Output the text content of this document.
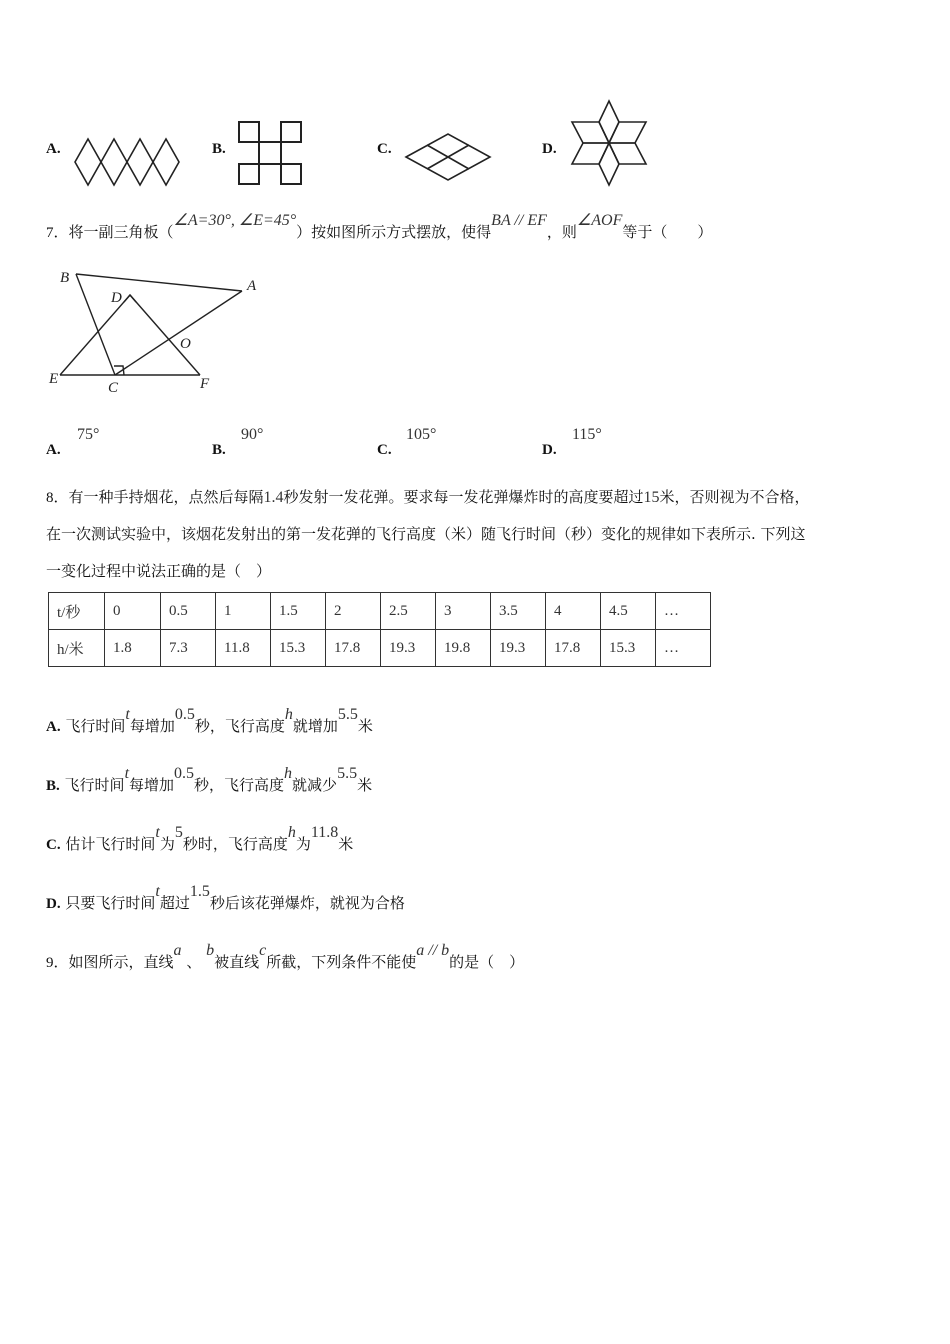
A.	B.	C.	D.
7．将一副三角板（∠A=30°, ∠E=45°）按如图所示方式摆放，使得BA // EF，则∠AOF等于（　　）
B	A
D
O
E
C	F
A.
75°
B.
90°
C.
105°
D.
115°
8．有一种手持烟花，点然后每隔1.4秒发射一发花弹。要求每一发花弹爆炸时的高度要超过15米，否则视为不合格，
在一次测试实验中，该烟花发射出的第一发花弹的飞行高度（米）随飞行时间（秒）变化的规律如下表所示. 下列这
一变化过程中说法正确的是（　）
t/秒	0	0.5	1	1.5	2	2.5	3	3.5	4	4.5	…
h/米	1.8	7.3	11.8	15.3	17.8	19.3	19.8	19.3	17.8	15.3	…
A. 飞行时间t每增加0.5秒，飞行高度h就增加5.5米
B. 飞行时间t每增加0.5秒，飞行高度h就减少5.5米
C. 估计飞行时间t为5秒时，飞行高度h为11.8米
D. 只要飞行时间t超过1.5秒后该花弹爆炸，就视为合格
9．如图所示，直线a 、 b被直线c所截，下列条件不能使a // b的是（　）
